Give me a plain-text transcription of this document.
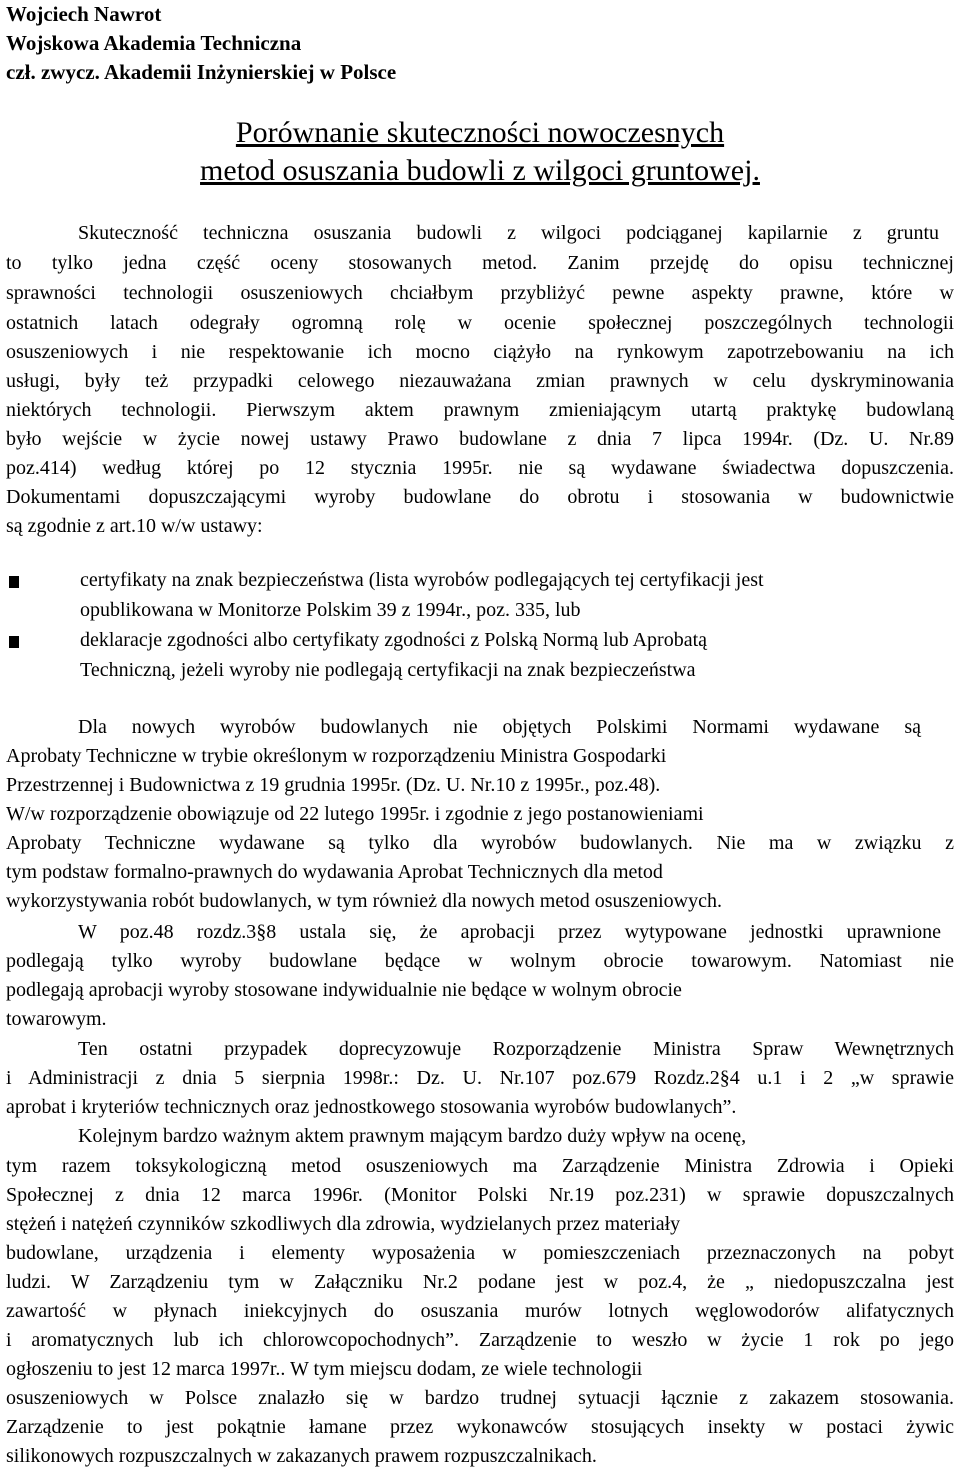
Wojciech Nawrot
Wojskowa Akademia Techniczna
czł. zwycz. Akademii Inżynierskiej w Polsce
Porównanie skuteczności nowoczesnych
metod osuszania budowli z wilgoci gruntowej.
Skuteczność techniczna osuszania budowli z wilgoci podciąganej kapilarnie z gruntu
to tylko jedna część oceny stosowanych metod. Zanim przejdę do opisu technicznej
sprawności technologii osuszeniowych chciałbym przybliżyć pewne aspekty prawne, które w
ostatnich latach odegrały ogromną rolę w ocenie społecznej poszczególnych technologii
osuszeniowych i nie respektowanie ich mocno ciążyło na rynkowym zapotrzebowaniu na ich
usługi, były też przypadki celowego niezauważana zmian prawnych w celu dyskryminowania
niektórych technologii. Pierwszym aktem prawnym zmieniającym utartą praktykę budowlaną
było wejście w życie nowej ustawy Prawo budowlane z dnia 7 lipca 1994r. (Dz. U. Nr.89
poz.414) według której po 12 stycznia 1995r. nie są wydawane świadectwa dopuszczenia.
Dokumentami dopuszczającymi wyroby budowlane do obrotu i stosowania w budownictwie
są zgodnie z art.10 w/w ustawy:
certyfikaty na znak bezpieczeństwa (lista wyrobów podlegających tej certyfikacji jest
opublikowana w Monitorze Polskim 39 z 1994r., poz. 335, lub
deklaracje zgodności albo certyfikaty zgodności z Polską Normą lub Aprobatą
Techniczną, jeżeli wyroby nie podlegają certyfikacji na znak bezpieczeństwa
Dla nowych wyrobów budowlanych nie objętych Polskimi Normami wydawane są
Aprobaty Techniczne w trybie określonym w rozporządzeniu Ministra Gospodarki
Przestrzennej i Budownictwa z 19 grudnia 1995r. (Dz. U. Nr.10 z 1995r., poz.48).
W/w rozporządzenie obowiązuje od 22 lutego 1995r. i zgodnie z jego postanowieniami
Aprobaty Techniczne wydawane są tylko dla wyrobów budowlanych. Nie ma w związku z
tym podstaw formalno-prawnych do wydawania Aprobat Technicznych dla metod
wykorzystywania robót budowlanych, w tym również dla nowych metod osuszeniowych.
W poz.48 rozdz.3§8 ustala się, że aprobacji przez wytypowane jednostki uprawnione
podlegają tylko wyroby budowlane będące w wolnym obrocie towarowym. Natomiast nie
podlegają aprobacji wyroby stosowane indywidualnie nie będące w wolnym obrocie
towarowym.
Ten ostatni przypadek doprecyzowuje Rozporządzenie Ministra Spraw Wewnętrznych
i Administracji z dnia 5 sierpnia 1998r.: Dz. U. Nr.107 poz.679 Rozdz.2§4 u.1 i 2 „w sprawie
aprobat i kryteriów technicznych oraz jednostkowego stosowania wyrobów budowlanych”.
Kolejnym bardzo ważnym aktem prawnym mającym bardzo duży wpływ na ocenę,
tym razem toksykologiczną metod osuszeniowych ma Zarządzenie Ministra Zdrowia i Opieki
Społecznej z dnia 12 marca 1996r. (Monitor Polski Nr.19 poz.231) w sprawie dopuszczalnych
stężeń i natężeń czynników szkodliwych dla zdrowia, wydzielanych przez materiały
budowlane, urządzenia i elementy wyposażenia w pomieszczeniach przeznaczonych na pobyt
ludzi. W Zarządzeniu tym w Załączniku Nr.2 podane jest w poz.4, że „ niedopuszczalna jest
zawartość w płynach iniekcyjnych do osuszania murów lotnych węglowodorów alifatycznych
i aromatycznych lub ich chlorowcopochodnych”. Zarządzenie to weszło w życie 1 rok po jego
ogłoszeniu to jest 12 marca 1997r.. W tym miejscu dodam, ze wiele technologii
osuszeniowych w Polsce znalazło się w bardzo trudnej sytuacji łącznie z zakazem stosowania.
Zarządzenie to jest pokątnie łamane przez wykonawców stosujących insekty w postaci żywic
silikonowych rozpuszczalnych w zakazanych prawem rozpuszczalnikach.
